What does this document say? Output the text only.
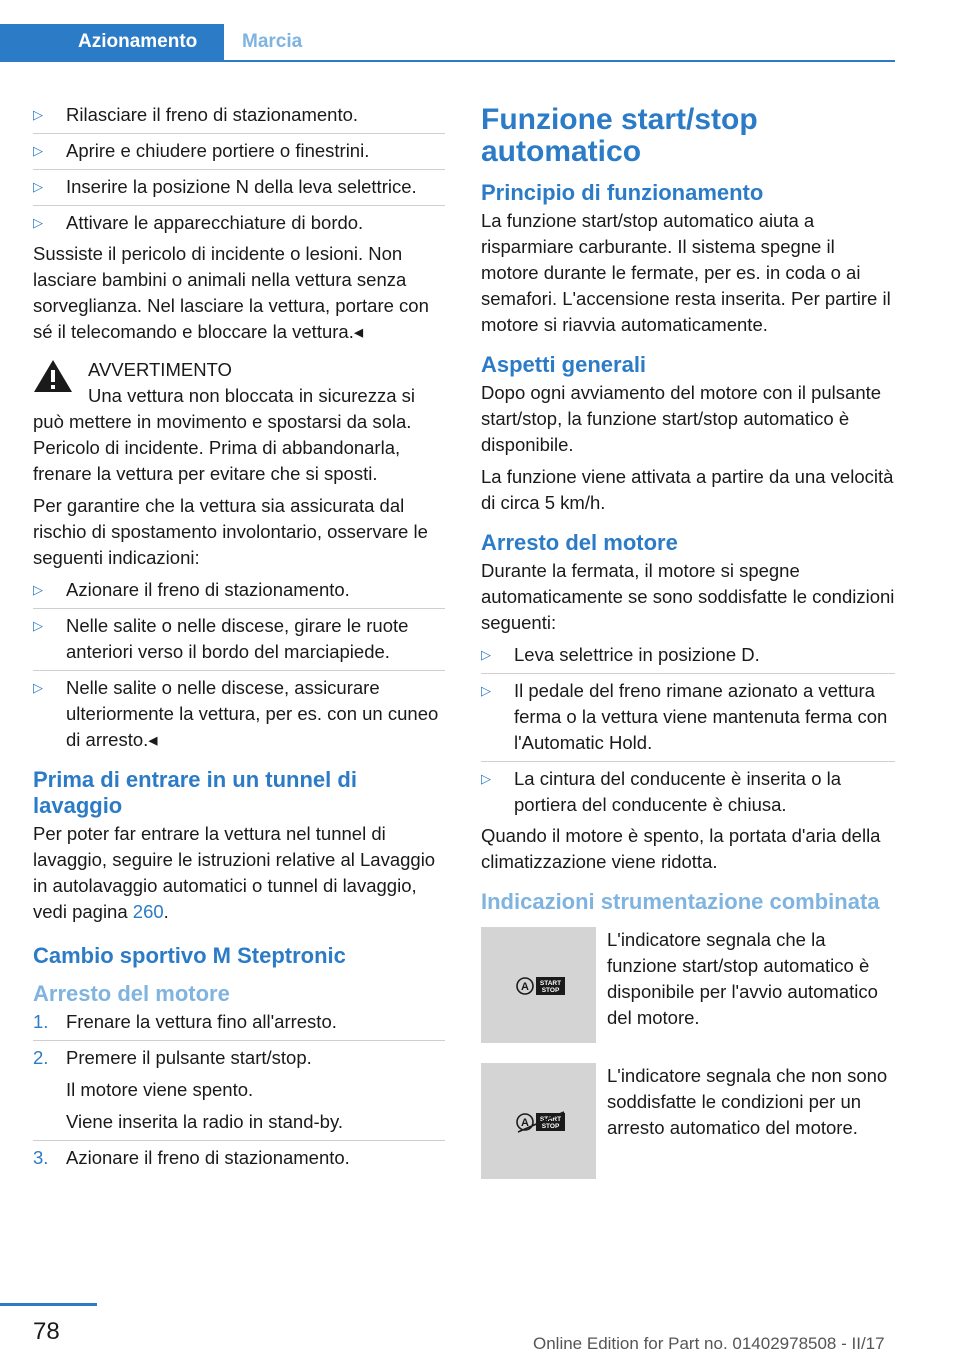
Azionamento	Marcia
▷ Rilasciare il freno di stazionamento.
▷ Aprire e chiudere portiere o finestrini.
▷ Inserire la posizione N della leva selettrice.
▷ Attivare le apparecchiature di bordo.

Sussiste il pericolo di incidente o lesioni. Non lasciare bambini o animali nella vettura senza sorveglianza. Nel lasciare la vettura, portare con sé il telecomando e bloccare la vettura.◂

AVVERTIMENTO

Una vettura non bloccata in sicurezza si può mettere in movimento e spostarsi da sola. Pericolo di incidente. Prima di abbandonarla, frenare la vettura per evitare che si sposti.

Per garantire che la vettura sia assicurata dal rischio di spostamento involontario, osservare le seguenti indicazioni:

▷ Azionare il freno di stazionamento.
▷ Nelle salite o nelle discese, girare le ruote anteriori verso il bordo del marciapiede.
▷ Nelle salite o nelle discese, assicurare ulteriormente la vettura, per es. con un cuneo di arresto.◂
Prima di entrare in un tunnel di lavaggio

Per poter far entrare la vettura nel tunnel di lavaggio, seguire le istruzioni relative al Lavaggio in autolavaggio automatici o tunnel di lavaggio, vedi pagina 260.

Cambio sportivo M Steptronic
Arresto del motore
1. Frenare la vettura fino all'arresto.
2. Premere il pulsante start/stop.
Il motore viene spento.
Viene inserita la radio in stand-by.
3. Azionare il freno di stazionamento.
Funzione start/stop automatico
Principio di funzionamento

La funzione start/stop automatico aiuta a risparmiare carburante. Il sistema spegne il motore durante le fermate, per es. in coda o ai semafori. L'accensione resta inserita. Per partire il motore si riavvia automaticamente.

Aspetti generali

Dopo ogni avviamento del motore con il pulsante start/stop, la funzione start/stop automatico è disponibile.

La funzione viene attivata a partire da una velocità di circa 5 km/h.

Arresto del motore

Durante la fermata, il motore si spegne automaticamente se sono soddisfatte le condizioni seguenti:

▷ Leva selettrice in posizione D.
▷ Il pedale del freno rimane azionato a vettura ferma o la vettura viene mantenuta ferma con l'Automatic Hold.
▷ La cintura del conducente è inserita o la portiera del conducente è chiusa.

Quando il motore è spento, la portata d'aria della climatizzazione viene ridotta.

Indicazioni strumentazione combinata
A START
STOP
L'indicatore segnala che la funzione start/stop automatico è disponibile per l'avvio automatico del motore.
A START
STOP
L'indicatore segnala che non sono soddisfatte le condizioni per un arresto automatico del motore.
78	Online Edition for Part no. 01402978508 - II/17
